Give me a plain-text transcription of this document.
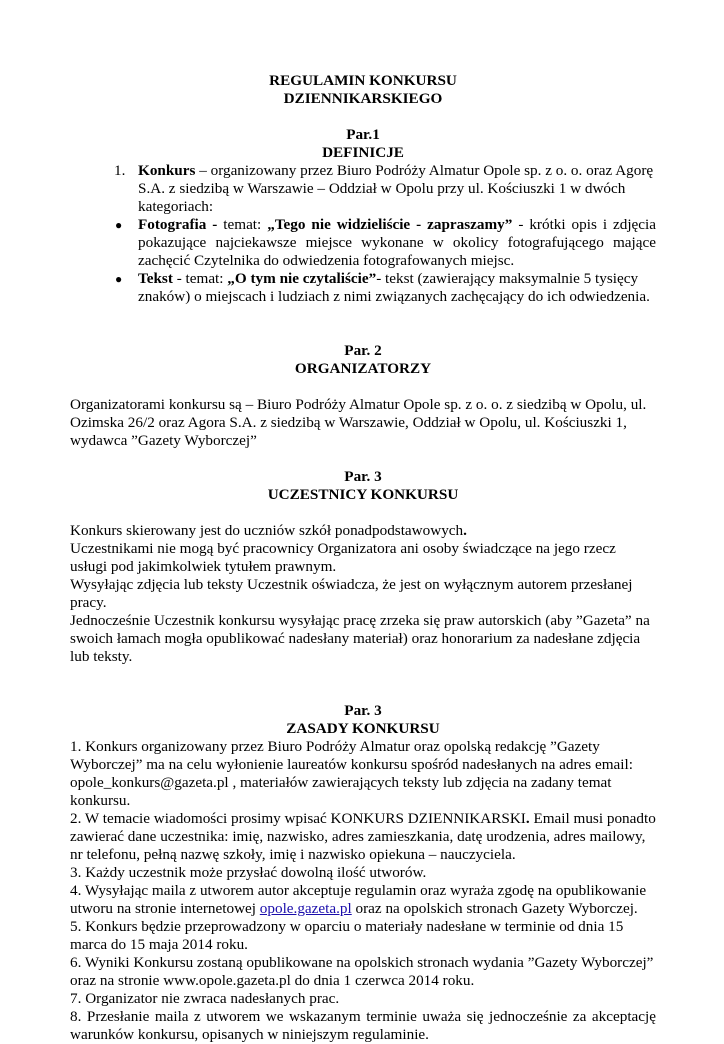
REGULAMIN KONKURSU
DZIENNIKARSKIEGO
Par.1
DEFINICJE
1. Konkurs – organizowany przez Biuro Podróży Almatur Opole sp. z o. o. oraz Agorę S.A. z siedzibą w Warszawie – Oddział w Opolu przy ul. Kościuszki 1 w dwóch kategoriach:
● Fotografia - temat: „Tego nie widzieliście - zapraszamy” - krótki opis i zdjęcia pokazujące najciekawsze miejsce wykonane w okolicy fotografującego mające zachęcić Czytelnika do odwiedzenia fotografowanych miejsc.
● Tekst - temat: „O tym nie czytaliście”- tekst (zawierający maksymalnie 5 tysięcy znaków) o miejscach i ludziach z nimi związanych zachęcający do ich odwiedzenia.
Par. 2
ORGANIZATORZY

Organizatorami konkursu są – Biuro Podróży Almatur Opole sp. z o. o. z siedzibą w Opolu, ul. Ozimska 26/2 oraz Agora S.A. z siedzibą w Warszawie, Oddział w Opolu, ul. Kościuszki 1, wydawca ”Gazety Wyborczej”

Par. 3
UCZESTNICY KONKURSU

Konkurs skierowany jest do uczniów szkół ponadpodstawowych.

Uczestnikami nie mogą być pracownicy Organizatora ani osoby świadczące na jego rzecz usługi pod jakimkolwiek tytułem prawnym.

Wysyłając zdjęcia lub teksty Uczestnik oświadcza, że jest on wyłącznym autorem przesłanej pracy.

Jednocześnie Uczestnik konkursu wysyłając pracę zrzeka się praw autorskich (aby ”Gazeta” na swoich łamach mogła opublikować nadesłany materiał) oraz honorarium za nadesłane zdjęcia lub teksty.

Par. 3
ZASADY KONKURSU

1. Konkurs organizowany przez Biuro Podróży Almatur oraz opolską redakcję ”Gazety Wyborczej” ma na celu wyłonienie laureatów konkursu spośród nadesłanych na adres email: opole_konkurs@gazeta.pl , materiałów zawierających teksty lub zdjęcia na zadany temat konkursu.

2. W temacie wiadomości prosimy wpisać KONKURS DZIENNIKARSKI. Email musi ponadto zawierać dane uczestnika: imię, nazwisko, adres zamieszkania, datę urodzenia, adres mailowy, nr telefonu, pełną nazwę szkoły, imię i nazwisko opiekuna – nauczyciela.

3. Każdy uczestnik może przysłać dowolną ilość utworów.

4. Wysyłając maila z utworem autor akceptuje regulamin oraz wyraża zgodę na opublikowanie utworu na stronie internetowej opole.gazeta.pl oraz na opolskich stronach Gazety Wyborczej.

5. Konkurs będzie przeprowadzony w oparciu o materiały nadesłane w terminie od dnia 15 marca do 15 maja 2014 roku.

6. Wyniki Konkursu zostaną opublikowane na opolskich stronach wydania ”Gazety Wyborczej” oraz na stronie www.opole.gazeta.pl do dnia 1 czerwca 2014 roku.

7. Organizator nie zwraca nadesłanych prac.

8. Przesłanie maila z utworem we wskazanym terminie uważa się jednocześnie za akceptację warunków konkursu, opisanych w niniejszym regulaminie.
